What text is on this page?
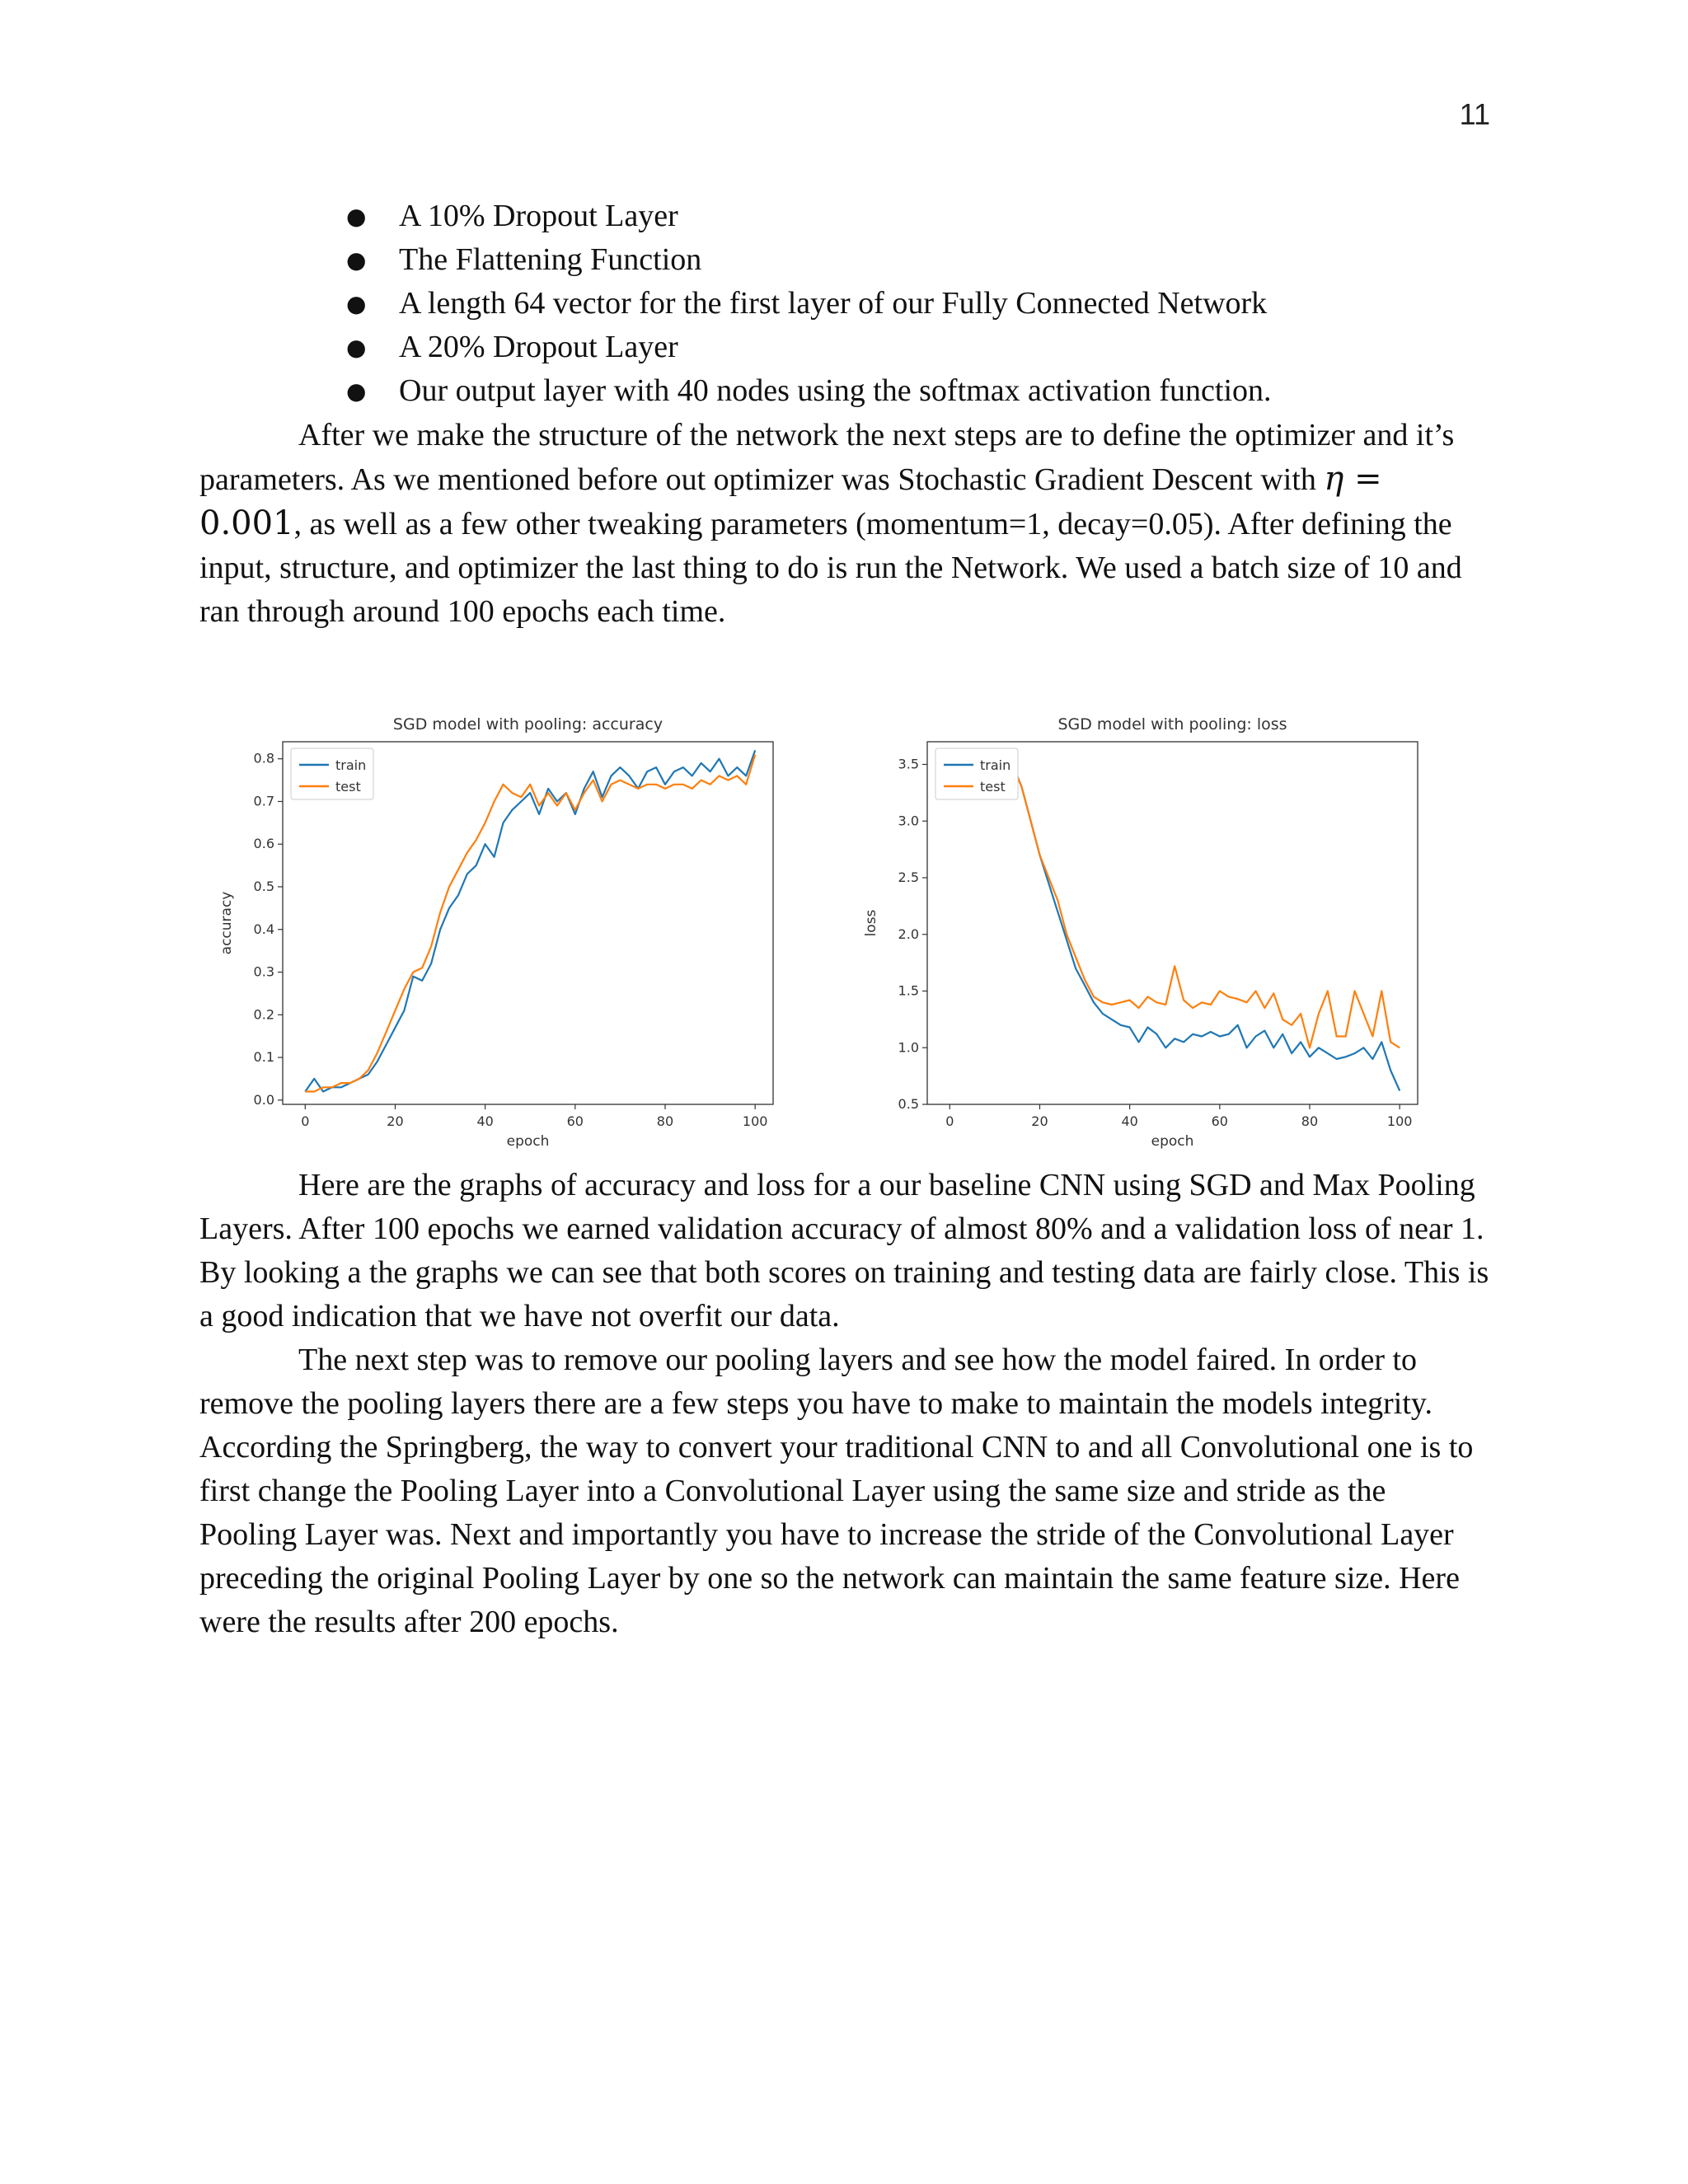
11
● A 10% Dropout Layer
● The Flattening Function
● A length 64 vector for the first layer of our Fully Connected Network
● A 20% Dropout Layer
● Our output layer with 40 nodes using the softmax activation function.

After we make the structure of the network the next steps are to define the optimizer and it’s parameters. As we mentioned before out optimizer was Stochastic Gradient Descent with η = 0.001, as well as a few other tweaking parameters (momentum=1, decay=0.05). After defining the input, structure, and optimizer the last thing to do is run the Network. We used a batch size of 10 and ran through around 100 epochs each time.

SGD model with pooling: accuracy
0	20	40	60	80	100
0.0
0.1
0.2
0.3
0.4
0.5
0.6
0.7
0.8
epoch
accuracy
train
test
SGD model with pooling: loss
0	20	40	60	80	100
0.5
1.0
1.5
2.0
2.5
3.0
3.5
epoch
loss
train
test

Here are the graphs of accuracy and loss for a our baseline CNN using SGD and Max Pooling Layers. After 100 epochs we earned validation accuracy of almost 80% and a validation loss of near 1. By looking a the graphs we can see that both scores on training and testing data are fairly close. This is a good indication that we have not overfit our data.

The next step was to remove our pooling layers and see how the model faired. In order to remove the pooling layers there are a few steps you have to make to maintain the models integrity. According the Springberg, the way to convert your traditional CNN to and all Convolutional one is to first change the Pooling Layer into a Convolutional Layer using the same size and stride as the Pooling Layer was. Next and importantly you have to increase the stride of the Convolutional Layer preceding the original Pooling Layer by one so the network can maintain the same feature size. Here were the results after 200 epochs.
